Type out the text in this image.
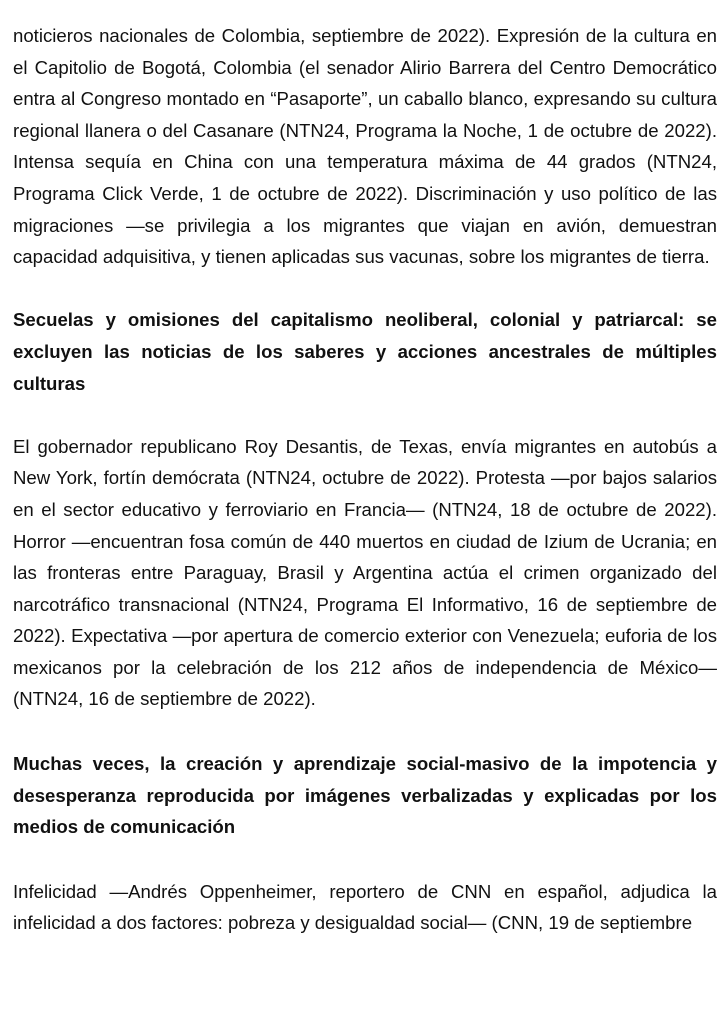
noticieros nacionales de Colombia, septiembre de 2022). Expresión de la cultura en el Capitolio de Bogotá, Colombia (el senador Alirio Barrera del Centro Democrático entra al Congreso montado en “Pasaporte”, un caballo blanco, expresando su cultura regional llanera o del Casanare (NTN24, Programa la Noche, 1 de octubre de 2022). Intensa sequía en China con una temperatura máxima de 44 grados (NTN24, Programa Click Verde, 1 de octubre de 2022). Discriminación y uso político de las migraciones —se privilegia a los migrantes que viajan en avión, demuestran capacidad adquisitiva, y tienen aplicadas sus vacunas, sobre los migrantes de tierra.

Secuelas y omisiones del capitalismo neoliberal, colonial y patriarcal: se excluyen las noticias de los saberes y acciones ancestrales de múltiples culturas

El gobernador republicano Roy Desantis, de Texas, envía migrantes en autobús a New York, fortín demócrata (NTN24, octubre de 2022). Protesta —por bajos salarios en el sector educativo y ferroviario en Francia— (NTN24, 18 de octubre de 2022). Horror —encuentran fosa común de 440 muertos en ciudad de Izium de Ucrania; en las fronteras entre Paraguay, Brasil y Argentina actúa el crimen organizado del narcotráfico transnacional (NTN24, Programa El Informativo, 16 de septiembre de 2022). Expectativa —por apertura de comercio exterior con Venezuela; euforia de los mexicanos por la celebración de los 212 años de independencia de México— (NTN24, 16 de septiembre de 2022).

Muchas veces, la creación y aprendizaje social-masivo de la impotencia y desesperanza reproducida por imágenes verbalizadas y explicadas por los medios de comunicación

Infelicidad —Andrés Oppenheimer, reportero de CNN en español, adjudica la infelicidad a dos factores: pobreza y desigualdad social— (CNN, 19 de septiembre
